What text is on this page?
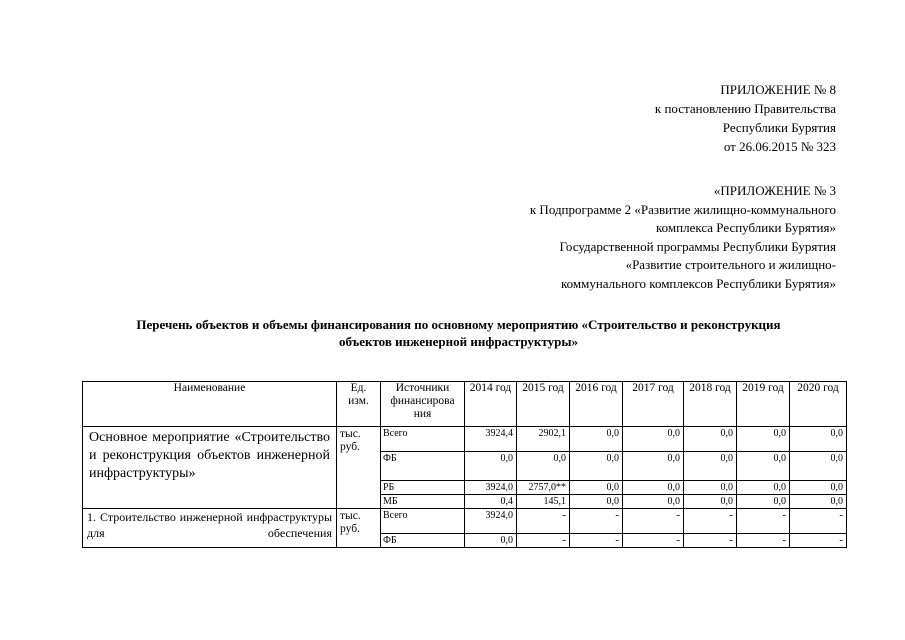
ПРИЛОЖЕНИЕ № 8
к постановлению Правительства
Республики Бурятия
от 26.06.2015 № 323
«ПРИЛОЖЕНИЕ № 3
к Подпрограмме 2 «Развитие жилищно-коммунального
комплекса Республики Бурятия»
Государственной программы Республики Бурятия
«Развитие строительного и жилищно-
коммунального комплексов Республики Бурятия»
Перечень объектов и объемы финансирования по основному мероприятию «Строительство и реконструкция
объектов инженерной инфраструктуры»
Наименование	Ед. изм.	Источники финансирова ния	2014 год	2015 год	2016 год	2017 год	2018 год	2019 год	2020 год
Основное мероприятие «Строительство и реконструкция объектов инженерной инфраструктуры»	тыс. руб.	Всего	3924,4	2902,1	0,0	0,0	0,0	0,0	0,0
		ФБ	0,0	0,0	0,0	0,0	0,0	0,0	0,0
		РБ	3924,0	2757,0**	0,0	0,0	0,0	0,0	0,0
		МБ	0,4	145,1	0,0	0,0	0,0	0,0	0,0
1. Строительство инженерной инфраструктуры для обеспечения	тыс. руб.	Всего	3924,0	-	-	-	-	-	-
		ФБ	0,0	-	-	-	-	-	-
